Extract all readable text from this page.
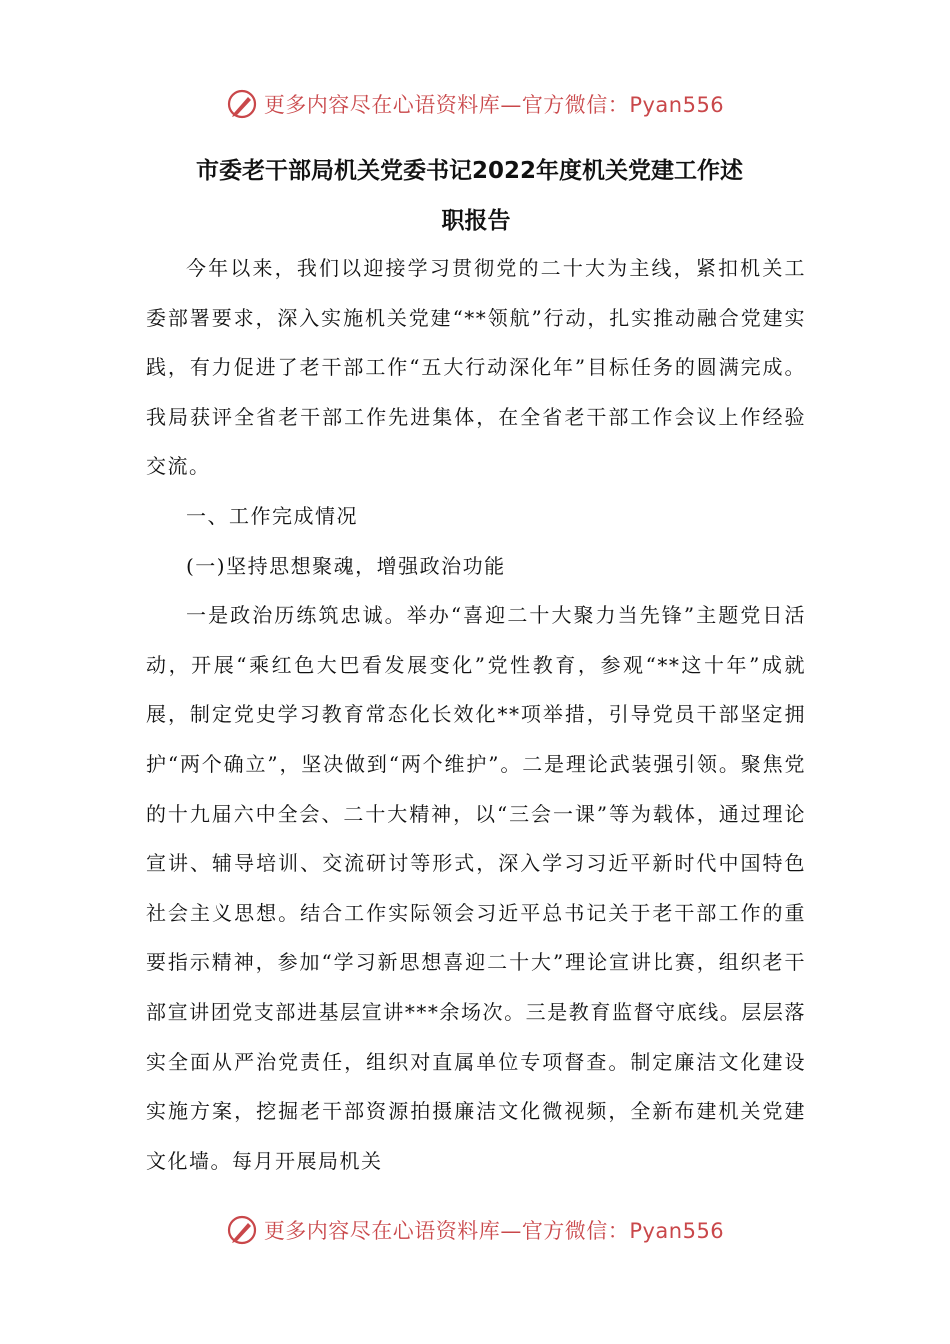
更多内容尽在心语资料库—官方微信：Pyan556
市委老干部局机关党委书记2022年度机关党建工作述
职报告

今年以来，我们以迎接学习贯彻党的二十大为主线，紧扣机关工委部署要求，深入实施机关党建“**领航”行动，扎实推动融合党建实践，有力促进了老干部工作“五大行动深化年”目标任务的圆满完成。我局获评全省老干部工作先进集体，在全省老干部工作会议上作经验交流。

一、工作完成情况

(一)坚持思想聚魂，增强政治功能

一是政治历练筑忠诚。举办“喜迎二十大聚力当先锋”主题党日活动，开展“乘红色大巴看发展变化”党性教育，参观“**这十年”成就展，制定党史学习教育常态化长效化**项举措，引导党员干部坚定拥护“两个确立”，坚决做到“两个维护”。二是理论武装强引领。聚焦党的十九届六中全会、二十大精神，以“三会一课”等为载体，通过理论宣讲、辅导培训、交流研讨等形式，深入学习习近平新时代中国特色社会主义思想。结合工作实际领会习近平总书记关于老干部工作的重要指示精神，参加“学习新思想喜迎二十大”理论宣讲比赛，组织老干部宣讲团党支部进基层宣讲***余场次。三是教育监督守底线。层层落实全面从严治党责任，组织对直属单位专项督查。制定廉洁文化建设实施方案，挖掘老干部资源拍摄廉洁文化微视频，全新布建机关党建文化墙。每月开展局机关

更多内容尽在心语资料库—官方微信：Pyan556
